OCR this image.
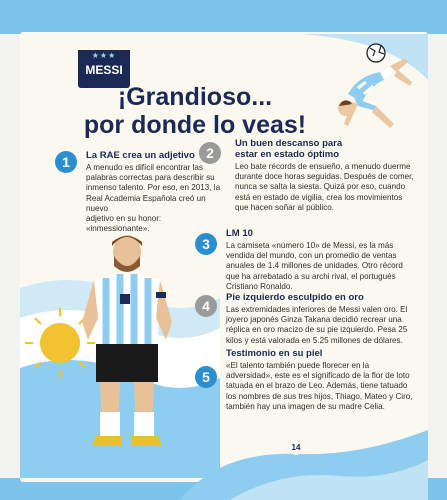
★★★
MESSI
¡Grandioso...
por donde lo veas!
1	La RAE crea un adjetivo
A menudo es difícil encontrar las
palabras correctas para describir su
inmenso talento. Por eso, en 2013, la
Real Academia Española creó un nuevo
adjetivo en su honor: «inmessionante».
2
Un buen descanso para
estar en estado óptimo
Leo bate récords de ensueño, a menudo duerme
durante doce horas seguidas. Después de comer,
nunca se salta la siesta. Quizá por eso, cuando
está en estado de vigilia, crea los movimientos
que hacen soñar al público.
3
LM 10
La camiseta «número 10» de Messi, es la más
vendida del mundo, con un promedio de ventas
anuales de 1.4 millones de unidades. Otro récord
que ha arrebatado a su archi rival, el portugués
Cristiano Ronaldo.
4
Pie izquierdo esculpido en oro
Las extremidades inferiores de Messi valen oro. El
joyero japonés Ginza Takana decidió recrear una
réplica en oro macizo de su pie izquierdo. Pesa 25
kilos y está valorada en 5.25 millones de dólares.
5
Testimonio en su piel
«El talento también puede florecer en la
adversidad», este es el significado de la flor de loto
tatuada en el brazo de Leo. Además, tiene tatuado
los nombres de sus tres hijos, Thiago, Mateo y Ciro,
también hay una imagen de su madre Celia.
14
